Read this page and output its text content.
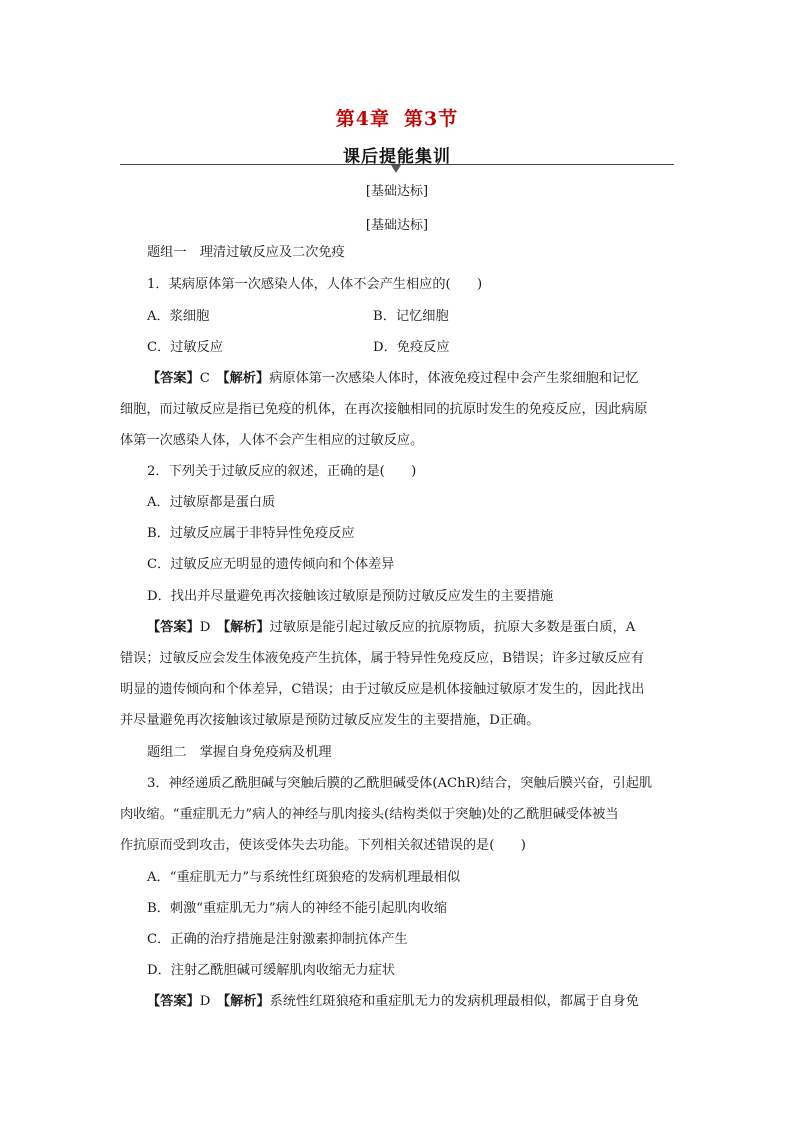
第4章 第3节
课后提能集训
[基础达标]
[基础达标]
题组一　理清过敏反应及二次免疫
1．某病原体第一次感染人体，人体不会产生相应的(　　)
A．浆细胞	B．记忆细胞
C．过敏反应	D．免疫反应
【答案】C　 【解析】病原体第一次感染人体时，体液免疫过程中会产生浆细胞和记忆
细胞，而过敏反应是指已免疫的机体，在再次接触相同的抗原时发生的免疫反应，因此病原
体第一次感染人体，人体不会产生相应的过敏反应。
2．下列关于过敏反应的叙述，正确的是(　　)
A．过敏原都是蛋白质
B．过敏反应属于非特异性免疫反应
C．过敏反应无明显的遗传倾向和个体差异
D．找出并尽量避免再次接触该过敏原是预防过敏反应发生的主要措施
【答案】D　 【解析】过敏原是能引起过敏反应的抗原物质，抗原大多数是蛋白质，A
错误；过敏反应会发生体液免疫产生抗体，属于特异性免疫反应，B错误；许多过敏反应有
明显的遗传倾向和个体差异，C错误；由于过敏反应是机体接触过敏原才发生的，因此找出
并尽量避免再次接触该过敏原是预防过敏反应发生的主要措施，D正确。
题组二　掌握自身免疫病及机理
3．神经递质乙酰胆碱与突触后膜的乙酰胆碱受体(AChR)结合，突触后膜兴奋，引起肌
肉收缩。“重症肌无力”病人的神经与肌肉接头(结构类似于突触)处的乙酰胆碱受体被当
作抗原而受到攻击，使该受体失去功能。下列相关叙述错误的是(　　)
A．“重症肌无力”与系统性红斑狼疮的发病机理最相似
B．刺激“重症肌无力”病人的神经不能引起肌肉收缩
C．正确的治疗措施是注射激素抑制抗体产生
D．注射乙酰胆碱可缓解肌肉收缩无力症状
【答案】D　 【解析】系统性红斑狼疮和重症肌无力的发病机理最相似，都属于自身免
